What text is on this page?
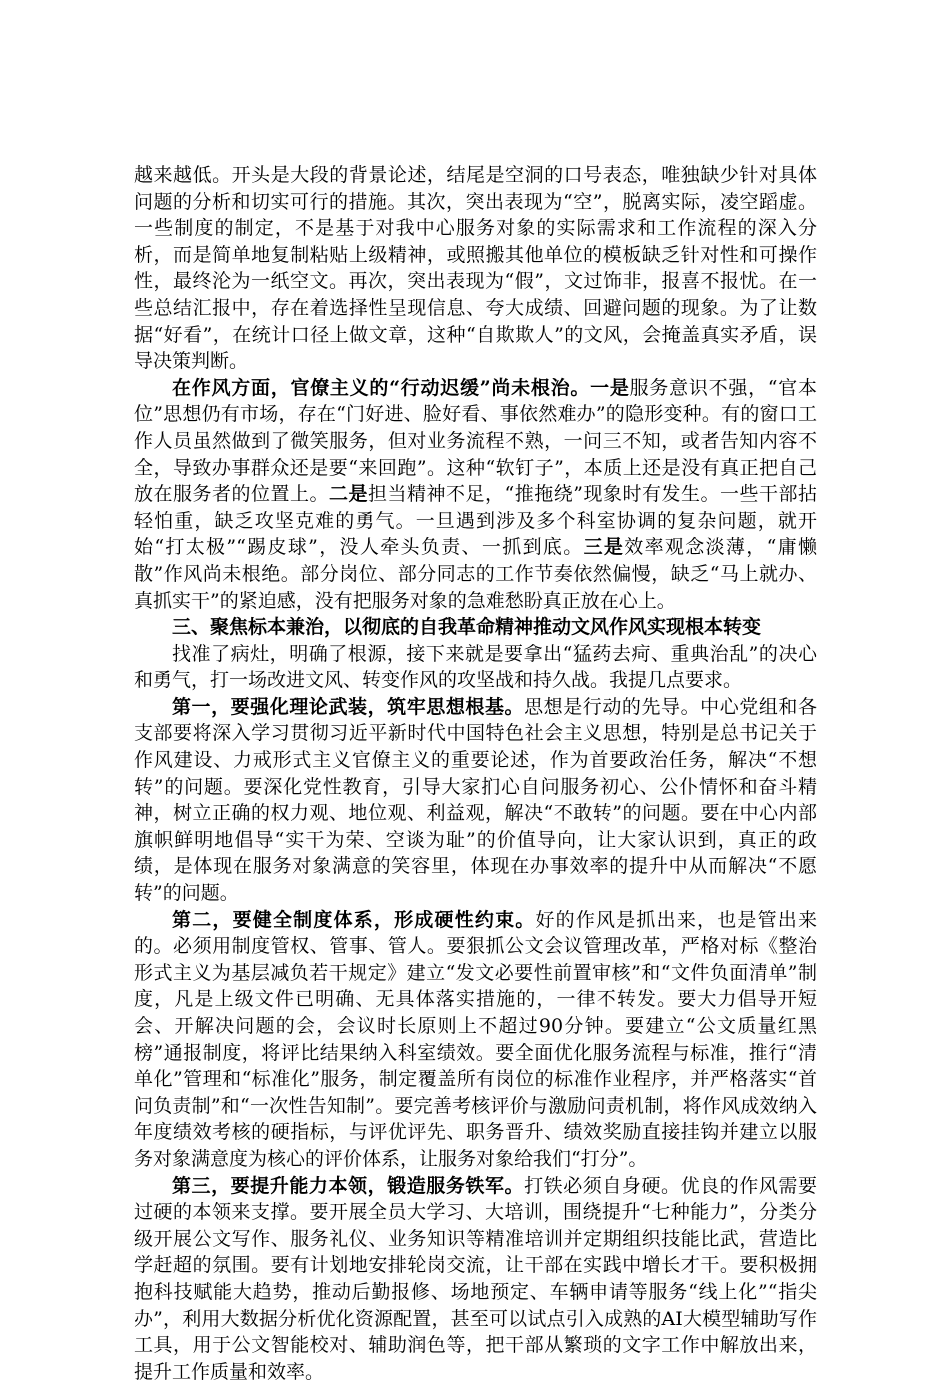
越来越低。开头是大段的背景论述，结尾是空洞的口号表态，唯独缺少针对具体问题的分析和切实可行的措施。其次，突出表现为“空”，脱离实际，凌空蹈虚。一些制度的制定，不是基于对我中心服务对象的实际需求和工作流程的深入分析，而是简单地复制粘贴上级精神，或照搬其他单位的模板缺乏针对性和可操作性，最终沦为一纸空文。再次，突出表现为“假”，文过饰非，报喜不报忧。在一些总结汇报中，存在着选择性呈现信息、夸大成绩、回避问题的现象。为了让数据“好看”，在统计口径上做文章，这种“自欺欺人”的文风，会掩盖真实矛盾，误导决策判断。

在作风方面，官僚主义的“行动迟缓”尚未根治。一是服务意识不强，“官本位”思想仍有市场，存在“门好进、脸好看、事依然难办”的隐形变种。有的窗口工作人员虽然做到了微笑服务，但对业务流程不熟，一问三不知，或者告知内容不全，导致办事群众还是要“来回跑”。这种“软钉子”，本质上还是没有真正把自己放在服务者的位置上。二是担当精神不足，“推拖绕”现象时有发生。一些干部拈轻怕重，缺乏攻坚克难的勇气。一旦遇到涉及多个科室协调的复杂问题，就开始“打太极”“踢皮球”，没人牵头负责、一抓到底。三是效率观念淡薄，“庸懒散”作风尚未根绝。部分岗位、部分同志的工作节奏依然偏慢，缺乏“马上就办、真抓实干”的紧迫感，没有把服务对象的急难愁盼真正放在心上。

三、聚焦标本兼治，以彻底的自我革命精神推动文风作风实现根本转变

找准了病灶，明确了根源，接下来就是要拿出“猛药去疴、重典治乱”的决心和勇气，打一场改进文风、转变作风的攻坚战和持久战。我提几点要求。

第一，要强化理论武装，筑牢思想根基。思想是行动的先导。中心党组和各支部要将深入学习贯彻习近平新时代中国特色社会主义思想，特别是总书记关于作风建设、力戒形式主义官僚主义的重要论述，作为首要政治任务，解决“不想转”的问题。要深化党性教育，引导大家扪心自问服务初心、公仆情怀和奋斗精神，树立正确的权力观、地位观、利益观，解决“不敢转”的问题。要在中心内部旗帜鲜明地倡导“实干为荣、空谈为耻”的价值导向，让大家认识到，真正的政绩，是体现在服务对象满意的笑容里，体现在办事效率的提升中从而解决“不愿转”的问题。

第二，要健全制度体系，形成硬性约束。好的作风是抓出来，也是管出来的。必须用制度管权、管事、管人。要狠抓公文会议管理改革，严格对标《整治形式主义为基层减负若干规定》建立“发文必要性前置审核”和“文件负面清单”制度，凡是上级文件已明确、无具体落实措施的，一律不转发。要大力倡导开短会、开解决问题的会，会议时长原则上不超过90分钟。要建立“公文质量红黑榜”通报制度，将评比结果纳入科室绩效。要全面优化服务流程与标准，推行“清单化”管理和“标准化”服务，制定覆盖所有岗位的标准作业程序，并严格落实“首问负责制”和“一次性告知制”。要完善考核评价与激励问责机制，将作风成效纳入年度绩效考核的硬指标，与评优评先、职务晋升、绩效奖励直接挂钩并建立以服务对象满意度为核心的评价体系，让服务对象给我们“打分”。

第三，要提升能力本领，锻造服务铁军。打铁必须自身硬。优良的作风需要过硬的本领来支撑。要开展全员大学习、大培训，围绕提升“七种能力”，分类分级开展公文写作、服务礼仪、业务知识等精准培训并定期组织技能比武，营造比学赶超的氛围。要有计划地安排轮岗交流，让干部在实践中增长才干。要积极拥抱科技赋能大趋势，推动后勤报修、场地预定、车辆申请等服务“线上化”“指尖办”，利用大数据分析优化资源配置，甚至可以试点引入成熟的AI大模型辅助写作工具，用于公文智能校对、辅助润色等，把干部从繁琐的文字工作中解放出来，提升工作质量和效率。
